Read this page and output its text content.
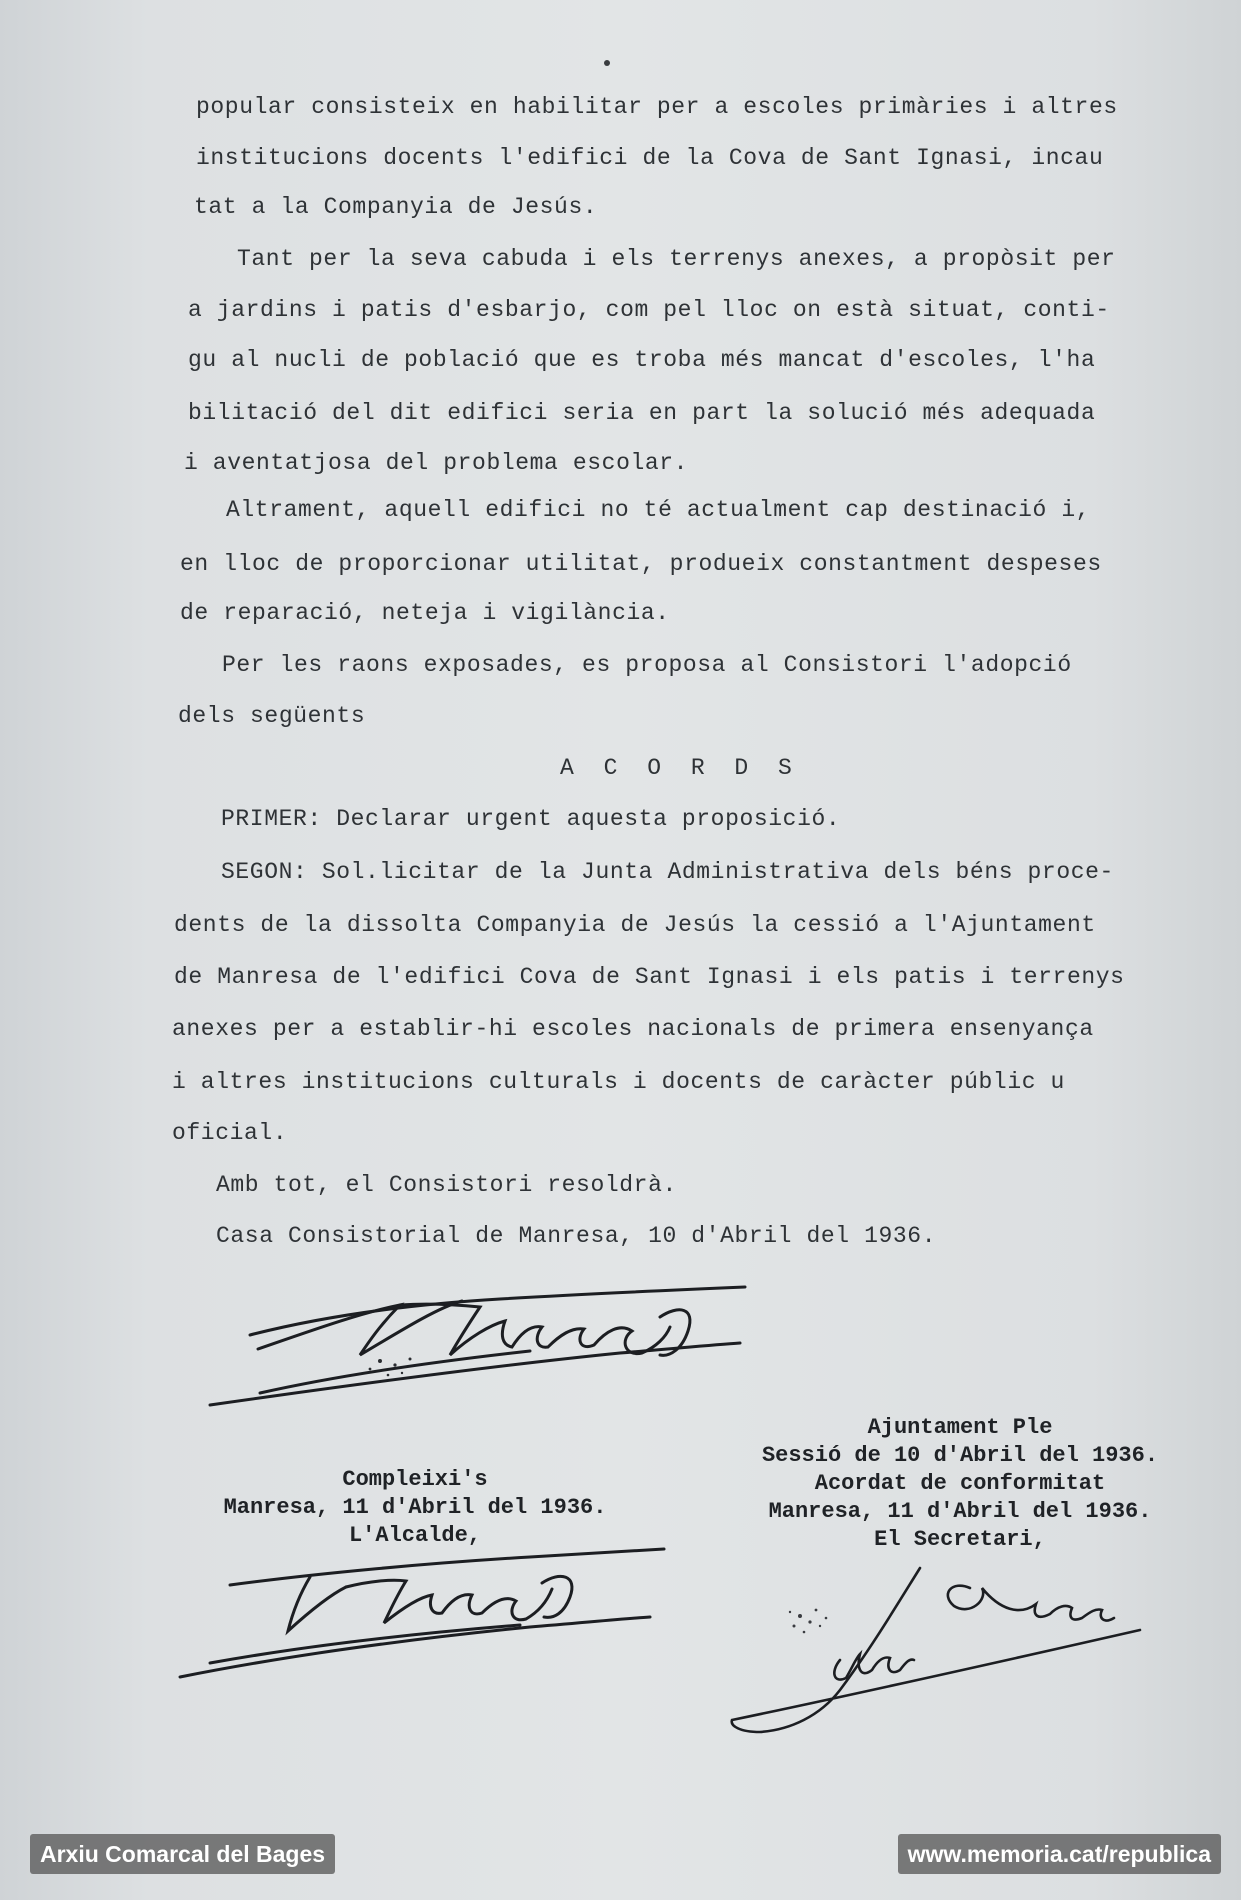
popular consisteix en habilitar per a escoles primàries i altres
institucions docents l'edifici de la Cova de Sant Ignasi, incau
tat a la Companyia de Jesús.
Tant per la seva cabuda i els terrenys anexes, a propòsit per
a jardins i patis d'esbarjo, com pel lloc on està situat, conti-
gu al nucli de població que es troba més mancat d'escoles, l'ha
bilitació del dit edifici seria en part la solució més adequada
i aventatjosa del problema escolar.
Altrament, aquell edifici no té actualment cap destinació i,
en lloc de proporcionar utilitat, produeix constantment despeses
de reparació, neteja i vigilància.
Per les raons exposades, es proposa al Consistori l'adopció
dels següents
A C O R D S
PRIMER: Declarar urgent aquesta proposició.
SEGON: Sol.licitar de la Junta Administrativa dels béns proce-
dents de la dissolta Companyia de Jesús la cessió a l'Ajuntament
de Manresa de l'edifici Cova de Sant Ignasi i els patis i terrenys
anexes per a establir-hi escoles nacionals de primera ensenyança
i altres institucions culturals i docents de caràcter públic u
oficial.
Amb tot, el Consistori resoldrà.
Casa Consistorial de Manresa, 10 d'Abril del 1936.
Compleixi's
Manresa, 11 d'Abril del 1936.
L'Alcalde,
Ajuntament Ple
Sessió de 10 d'Abril del 1936.
Acordat de conformitat
Manresa, 11 d'Abril del 1936.
El Secretari,
Arxiu Comarcal del Bages	www.memoria.cat/republica
